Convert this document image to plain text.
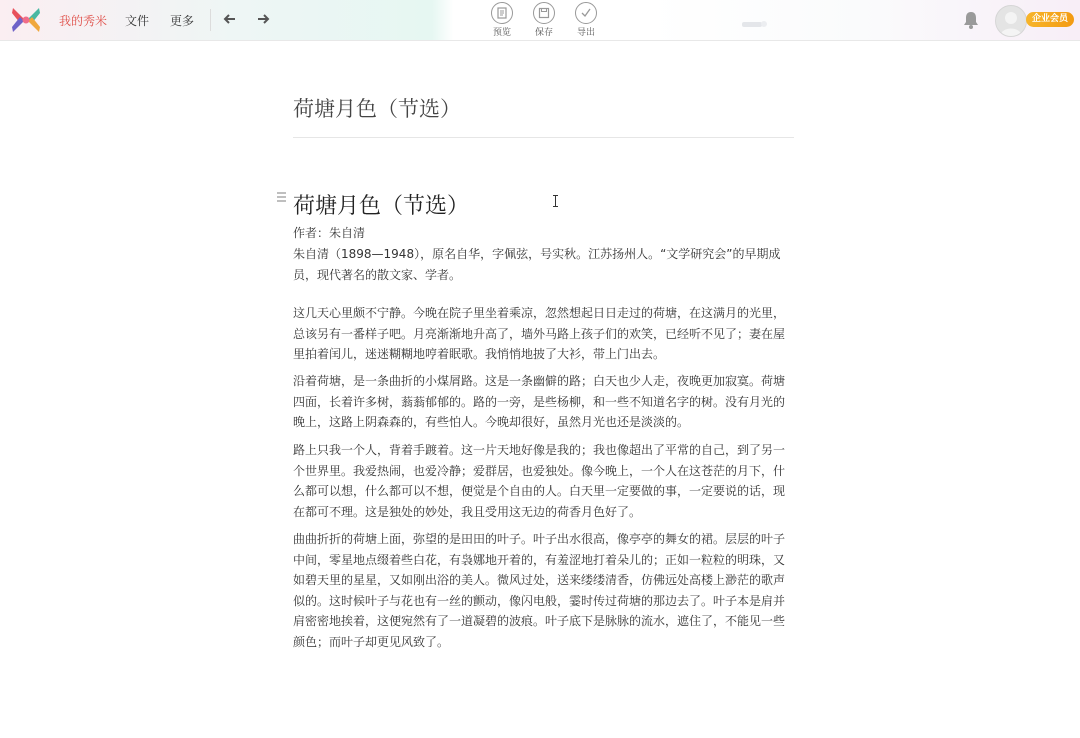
我的秀米 文件 更多
预览	保存	导出
企业会员
荷塘月色（节选）
荷塘月色（节选）
作者：朱自清

朱自清（1898—1948），原名自华，字佩弦，号实秋。江苏扬州人。“文学研究会”的早期成员，现代著名的散文家、学者。

这几天心里颇不宁静。今晚在院子里坐着乘凉，忽然想起日日走过的荷塘，在这满月的光里，总该另有一番样子吧。月亮渐渐地升高了，墙外马路上孩子们的欢笑，已经听不见了；妻在屋里拍着闰儿，迷迷糊糊地哼着眠歌。我悄悄地披了大衫，带上门出去。

沿着荷塘，是一条曲折的小煤屑路。这是一条幽僻的路；白天也少人走，夜晚更加寂寞。荷塘四面，长着许多树，蓊蓊郁郁的。路的一旁，是些杨柳，和一些不知道名字的树。没有月光的晚上，这路上阴森森的，有些怕人。今晚却很好，虽然月光也还是淡淡的。

路上只我一个人，背着手踱着。这一片天地好像是我的；我也像超出了平常的自己，到了另一个世界里。我爱热闹，也爱冷静；爱群居，也爱独处。像今晚上，一个人在这苍茫的月下，什么都可以想，什么都可以不想，便觉是个自由的人。白天里一定要做的事，一定要说的话，现在都可不理。这是独处的妙处，我且受用这无边的荷香月色好了。

曲曲折折的荷塘上面，弥望的是田田的叶子。叶子出水很高，像亭亭的舞女的裙。层层的叶子中间，零星地点缀着些白花，有袅娜地开着的，有羞涩地打着朵儿的；正如一粒粒的明珠，又如碧天里的星星，又如刚出浴的美人。微风过处，送来缕缕清香，仿佛远处高楼上渺茫的歌声似的。这时候叶子与花也有一丝的颤动，像闪电般，霎时传过荷塘的那边去了。叶子本是肩并肩密密地挨着，这便宛然有了一道凝碧的波痕。叶子底下是脉脉的流水，遮住了，不能见一些颜色；而叶子却更见风致了。
